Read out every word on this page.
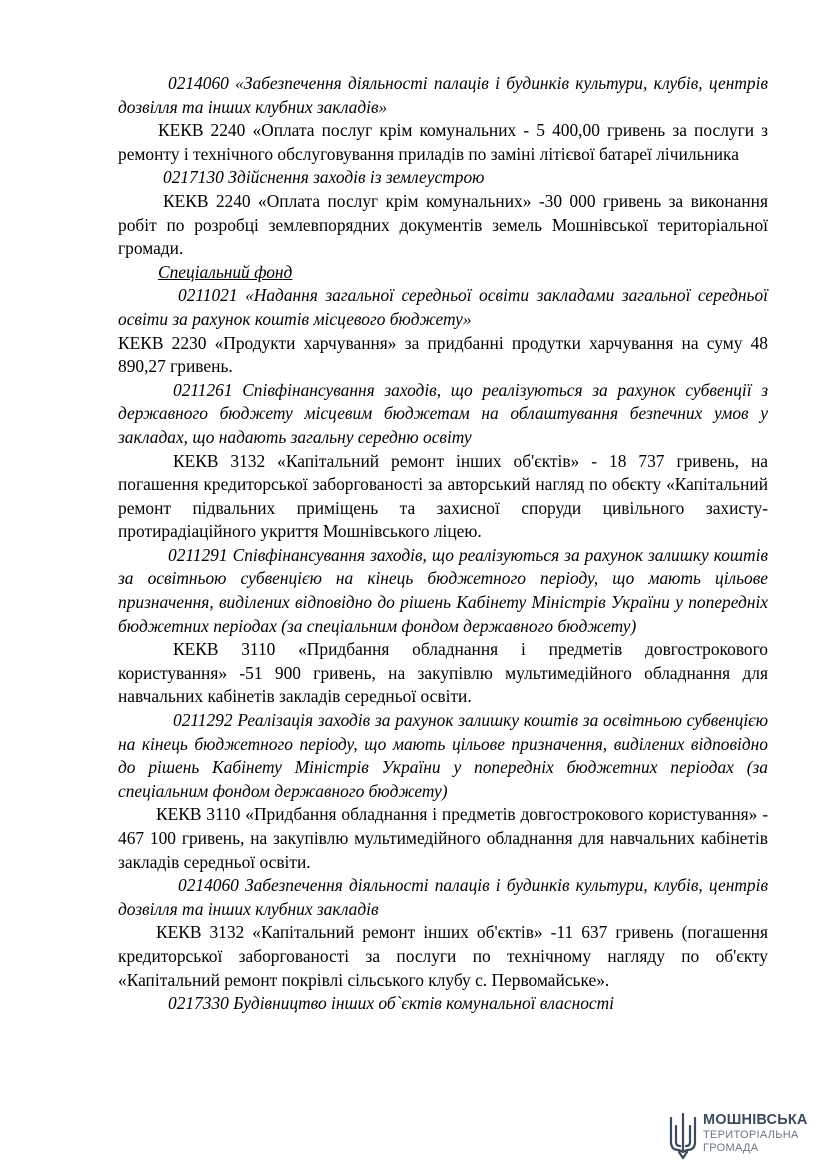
0214060 «Забезпечення діяльності палаців і будинків культури, клубів, центрів дозвілля та інших клубних закладів»

КЕКВ 2240 «Оплата послуг крім комунальних - 5 400,00 гривень за послуги з ремонту і технічного обслуговування приладів по заміні літієвої батареї лічильника

0217130 Здійснення заходів із землеустрою

КЕКВ 2240 «Оплата послуг крім комунальних» -30 000 гривень за виконання робіт по розробці землевпорядних документів земель Мошнівської територіальної громади.

Спеціальний фонд

0211021 «Надання загальної середньої освіти закладами загальної середньої освіти за рахунок коштів місцевого бюджету»

КЕКВ 2230 «Продукти харчування» за придбанні продутки харчування на суму 48 890,27 гривень.

0211261 Співфінансування заходів, що реалізуються за рахунок субвенції з державного бюджету місцевим бюджетам на облаштування безпечних умов у закладах, що надають загальну середню освіту

КЕКВ 3132 «Капітальний ремонт інших об'єктів» - 18 737 гривень, на погашення кредиторської заборгованості за авторський нагляд по обєкту «Капітальний ремонт підвальних приміщень та захисної споруди цивільного захисту-протирадіаційного укриття Мошнівського ліцею.

0211291 Співфінансування заходів, що реалізуються за рахунок залишку коштів за освітньою субвенцією на кінець бюджетного періоду, що мають цільове призначення, виділених відповідно до рішень Кабінету Міністрів України у попередніх бюджетних періодах (за спеціальним фондом державного бюджету)

КЕКВ 3110 «Придбання обладнання і предметів довгострокового користування» -51 900 гривень, на закупівлю мультимедійного обладнання для навчальних кабінетів закладів середньої освіти.

0211292 Реалізація заходів за рахунок залишку коштів за освітньою субвенцією на кінець бюджетного періоду, що мають цільове призначення, виділених відповідно до рішень Кабінету Міністрів України у попередніх бюджетних періодах (за спеціальним фондом державного бюджету)

КЕКВ 3110 «Придбання обладнання і предметів довгострокового користування» - 467 100 гривень, на закупівлю мультимедійного обладнання для навчальних кабінетів закладів середньої освіти.

0214060 Забезпечення діяльності палаців і будинків культури, клубів, центрів дозвілля та інших клубних закладів

КЕКВ 3132 «Капітальний ремонт інших об'єктів» -11 637 гривень (погашення кредиторської заборгованості за послуги по технічному нагляду по об'єкту «Капітальний ремонт покрівлі сільського клубу с. Первомайське».

0217330 Будівництво інших об`єктів комунальної власності

МОШНІВСЬКА
ТЕРИТОРІАЛЬНА
ГРОМАДА
